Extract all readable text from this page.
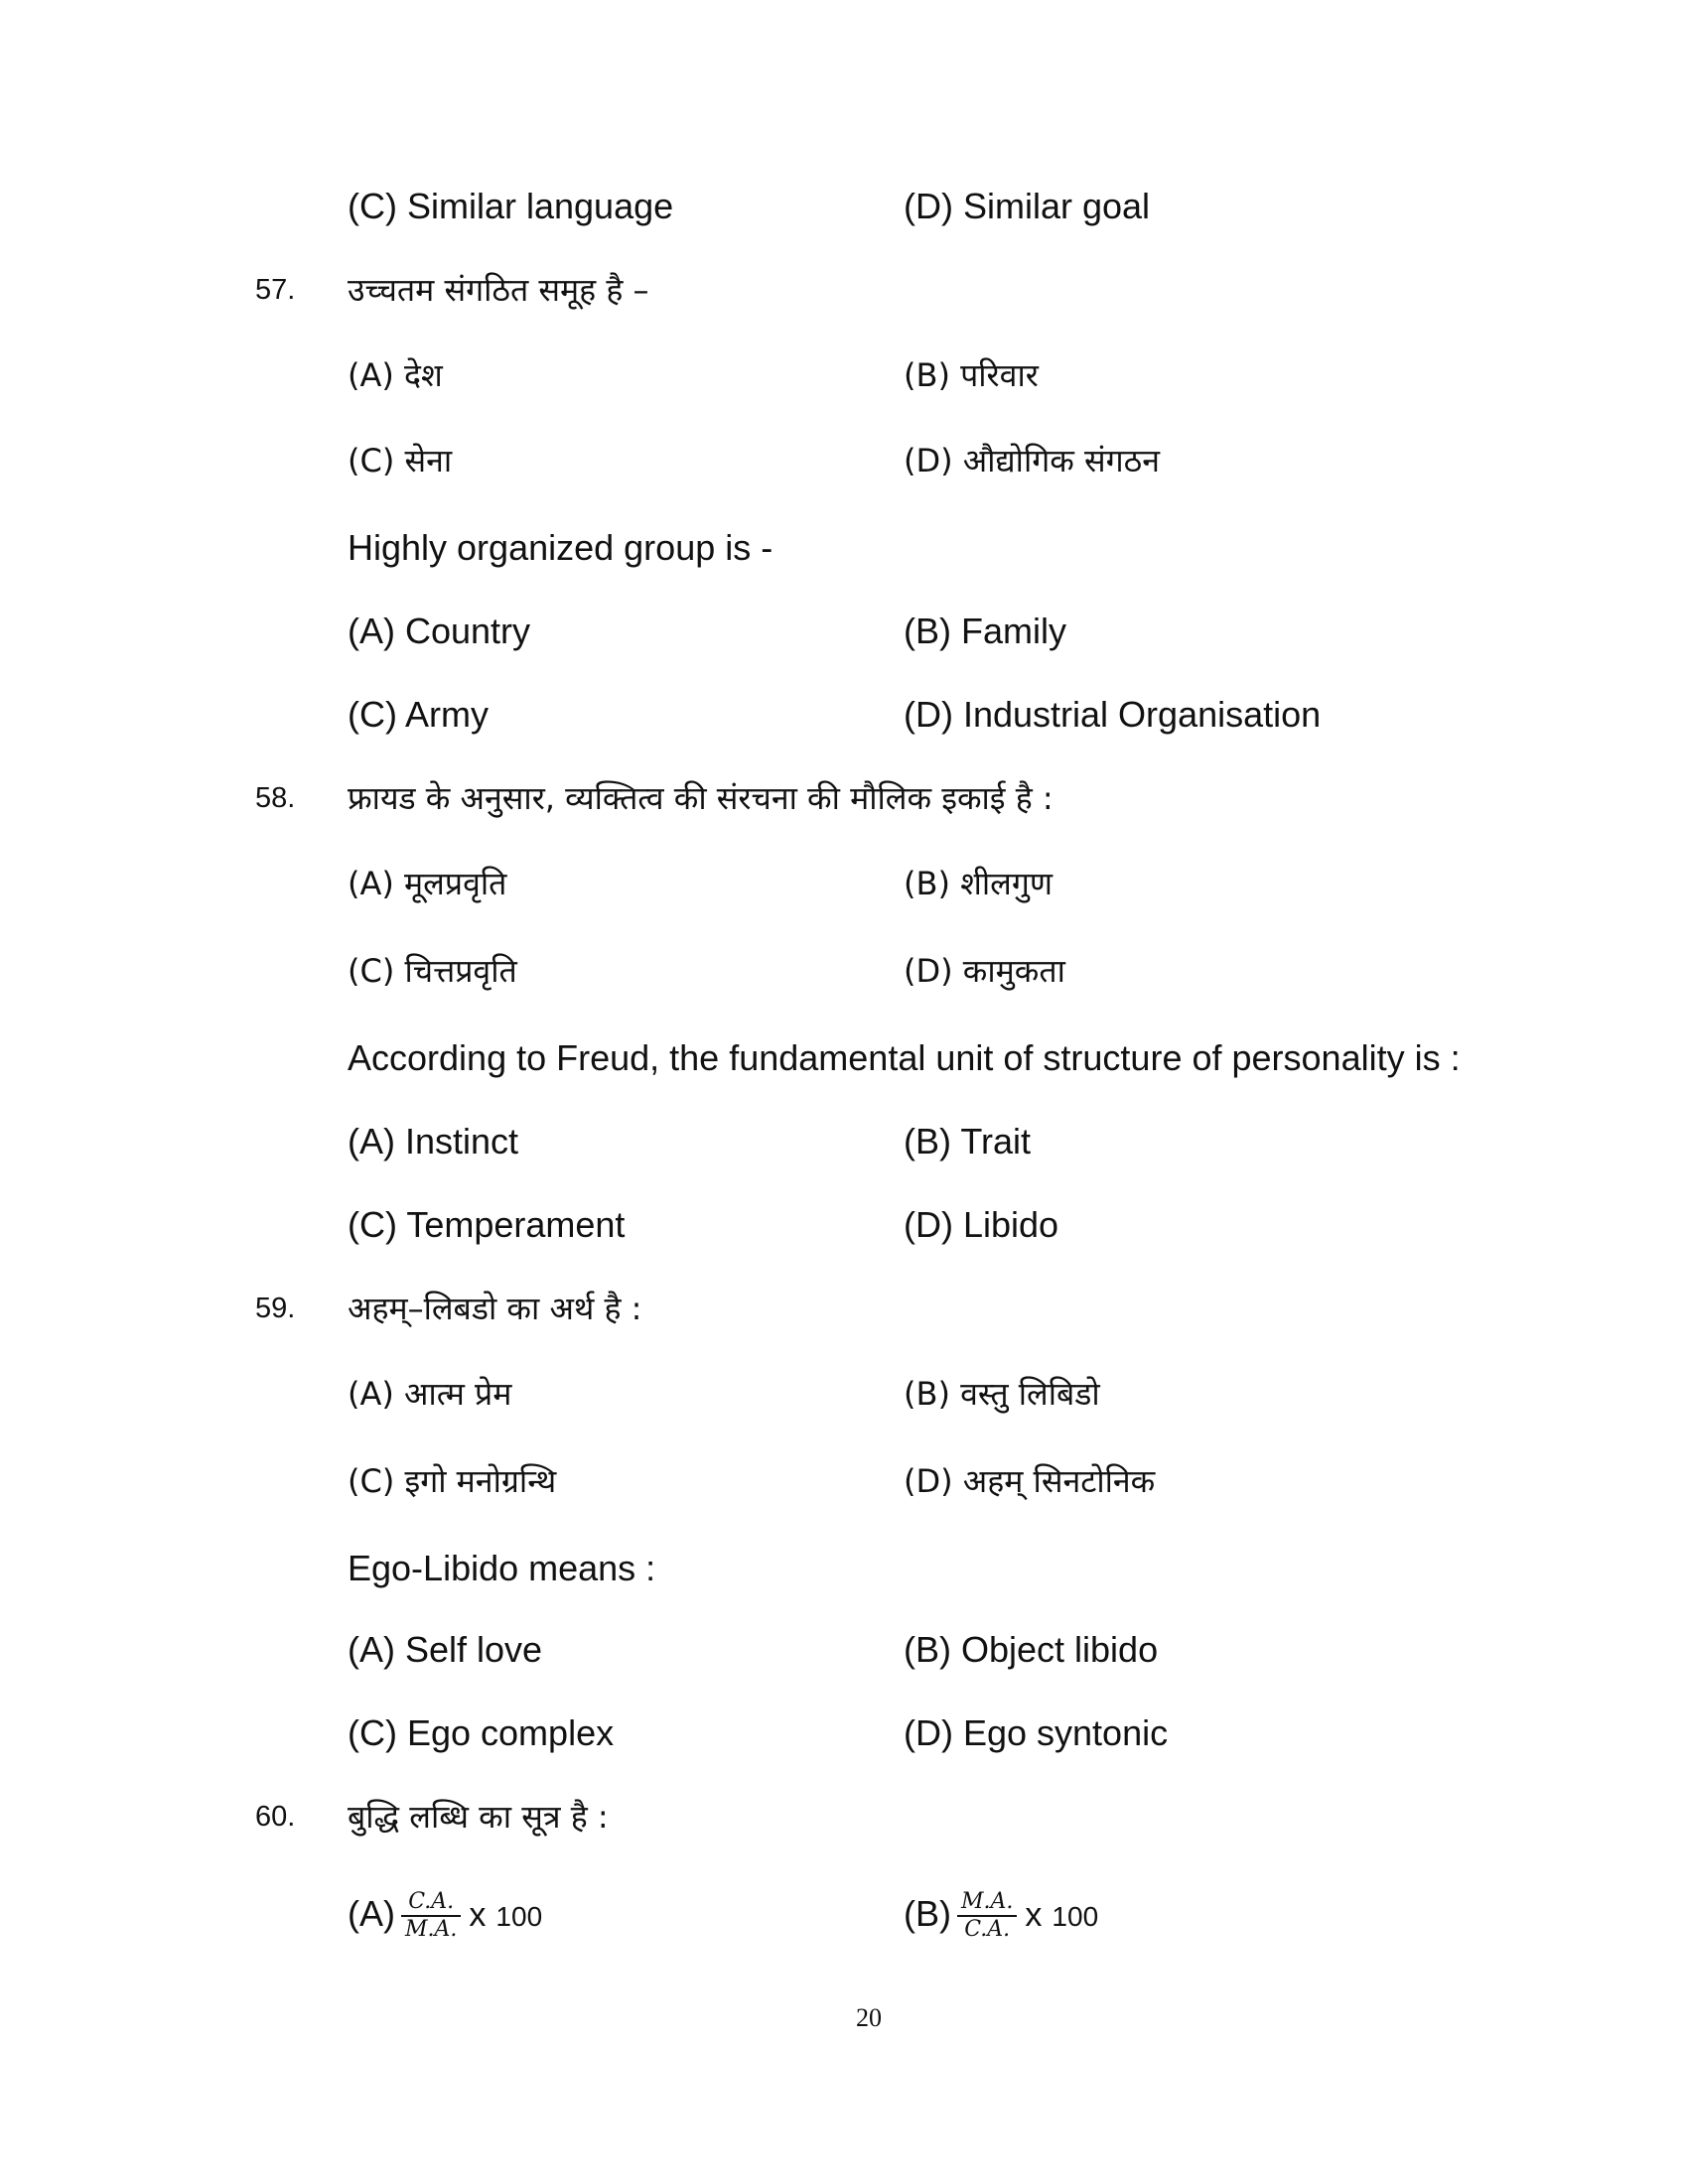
(C) Similar language	(D) Similar goal
57. उच्चतम संगठित समूह है –
(A) देश	(B) परिवार
(C) सेना	(D) औद्योगिक संगठन
Highly organized group is -
(A) Country	(B) Family
(C) Army	(D) Industrial Organisation
58. फ्रायड के अनुसार, व्यक्तित्व की संरचना की मौलिक इकाई है :
(A) मूलप्रवृति	(B) शीलगुण
(C) चित्तप्रवृति	(D) कामुकता
According to Freud, the fundamental unit of structure of personality is :
(A) Instinct	(B) Trait
(C) Temperament	(D) Libido
59. अहम्–लिबडो का अर्थ है :
(A) आत्म प्रेम	(B) वस्तु लिबिडो
(C) इगो मनोग्रन्थि	(D) अहम् सिनटोनिक
Ego-Libido means :
(A) Self love	(B) Object libido
(C) Ego complex	(D) Ego syntonic
60. बुद्धि लब्धि का सूत्र है :
$(A) \frac{C.A.}{M.A.}$ x 100	$(B) \frac{M.A.}{C.A.}$ x 100
20
